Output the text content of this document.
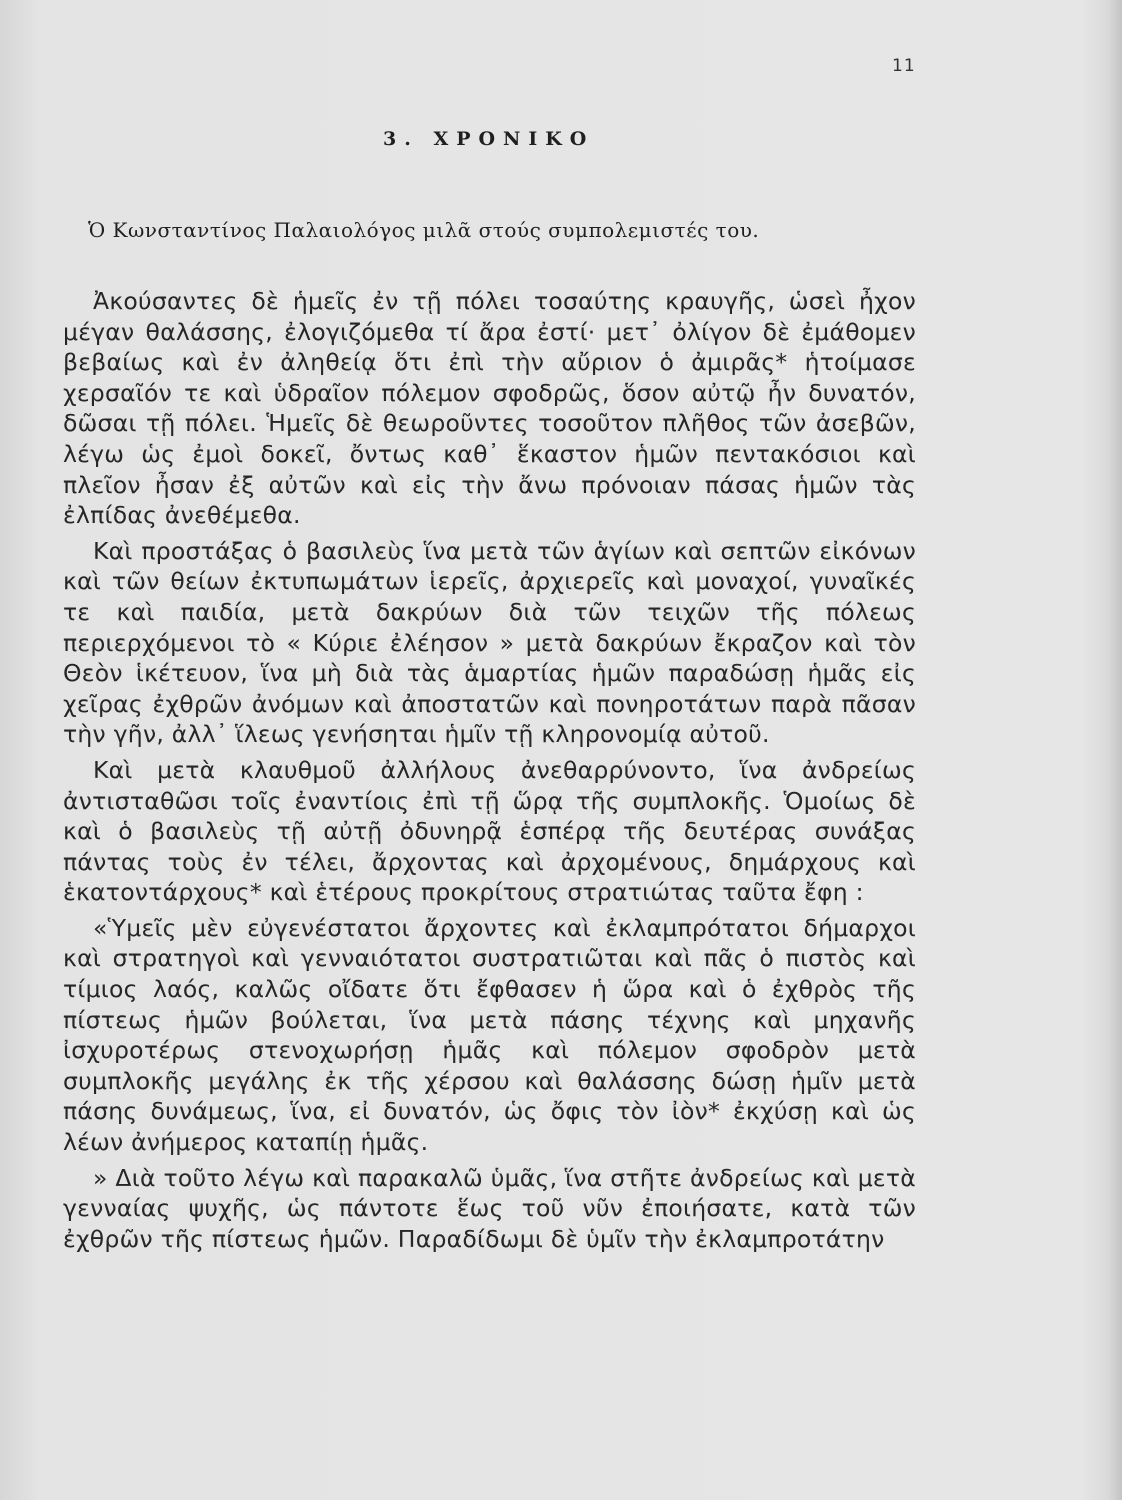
11
3. ΧΡΟΝΙΚΟ
Ὁ Κωνσταντίνος Παλαιολόγος μιλᾶ στούς συμπολεμιστές του.

Ἀκούσαντες δὲ ἡμεῖς ἐν τῇ πόλει τοσαύτης κραυγῆς, ὡσεὶ ἦχον μέγαν θαλάσσης, ἐλογιζόμεθα τί ἄρα ἐστί· μετ᾽ ὀλίγον δὲ ἐμάθομεν βεβαίως καὶ ἐν ἀληθείᾳ ὅτι ἐπὶ τὴν αὔριον ὁ ἀμιρᾶς* ἡτοίμασε χερσαῖόν τε καὶ ὑδραῖον πόλεμον σφοδρῶς, ὅσον αὐτῷ ἦν δυνατόν, δῶσαι τῇ πόλει. Ἡμεῖς δὲ θεωροῦντες τοσοῦτον πλῆθος τῶν ἀσεβῶν, λέγω ὡς ἐμοὶ δοκεῖ, ὄντως καθ᾽ ἕκαστον ἡμῶν πεντακόσιοι καὶ πλεῖον ἦσαν ἐξ αὐτῶν καὶ εἰς τὴν ἄνω πρόνοιαν πάσας ἡμῶν τὰς ἐλπίδας ἀνεθέμεθα.

Καὶ προστάξας ὁ βασιλεὺς ἵνα μετὰ τῶν ἁγίων καὶ σεπτῶν εἰκόνων καὶ τῶν θείων ἐκτυπωμάτων ἱερεῖς, ἀρχιερεῖς καὶ μοναχοί, γυναῖκές τε καὶ παιδία, μετὰ δακρύων διὰ τῶν τειχῶν τῆς πόλεως περιερχόμενοι τὸ « Κύριε ἐλέησον » μετὰ δακρύων ἔκραζον καὶ τὸν Θεὸν ἱκέτευον, ἵνα μὴ διὰ τὰς ἁμαρτίας ἡμῶν παραδώσῃ ἡμᾶς εἰς χεῖρας ἐχθρῶν ἀνόμων καὶ ἀποστατῶν καὶ πονηροτάτων παρὰ πᾶσαν τὴν γῆν, ἀλλ᾽ ἵλεως γενήσηται ἡμῖν τῇ κληρονομίᾳ αὐτοῦ.

Καὶ μετὰ κλαυθμοῦ ἀλλήλους ἀνεθαρρύνοντο, ἵνα ἀνδρείως ἀντισταθῶσι τοῖς ἐναντίοις ἐπὶ τῇ ὥρᾳ τῆς συμπλοκῆς. Ὁμοίως δὲ καὶ ὁ βασιλεὺς τῇ αὐτῇ ὀδυνηρᾷ ἑσπέρᾳ τῆς δευτέρας συνάξας πάντας τοὺς ἐν τέλει, ἄρχοντας καὶ ἀρχομένους, δημάρχους καὶ ἑκατοντάρχους* καὶ ἑτέρους προκρίτους στρατιώτας ταῦτα ἔφη :

«Ὑμεῖς μὲν εὐγενέστατοι ἄρχοντες καὶ ἐκλαμπρότατοι δήμαρχοι καὶ στρατηγοὶ καὶ γενναιότατοι συστρατιῶται καὶ πᾶς ὁ πιστὸς καὶ τίμιος λαός, καλῶς οἴδατε ὅτι ἔφθασεν ἡ ὥρα καὶ ὁ ἐχθρὸς τῆς πίστεως ἡμῶν βούλεται, ἵνα μετὰ πάσης τέχνης καὶ μηχανῆς ἰσχυροτέρως στενοχωρήσῃ ἡμᾶς καὶ πόλεμον σφοδρὸν μετὰ συμπλοκῆς μεγάλης ἐκ τῆς χέρσου καὶ θαλάσσης δώσῃ ἡμῖν μετὰ πάσης δυνάμεως, ἵνα, εἰ δυνατόν, ὡς ὄφις τὸν ἰὸν* ἐκχύσῃ καὶ ὡς λέων ἀνήμερος καταπίῃ ἡμᾶς.

» Διὰ τοῦτο λέγω καὶ παρακαλῶ ὑμᾶς, ἵνα στῆτε ἀνδρείως καὶ μετὰ γενναίας ψυχῆς, ὡς πάντοτε ἕως τοῦ νῦν ἐποιήσατε, κατὰ τῶν ἐχθρῶν τῆς πίστεως ἡμῶν. Παραδίδωμι δὲ ὑμῖν τὴν ἐκλαμπροτάτην
